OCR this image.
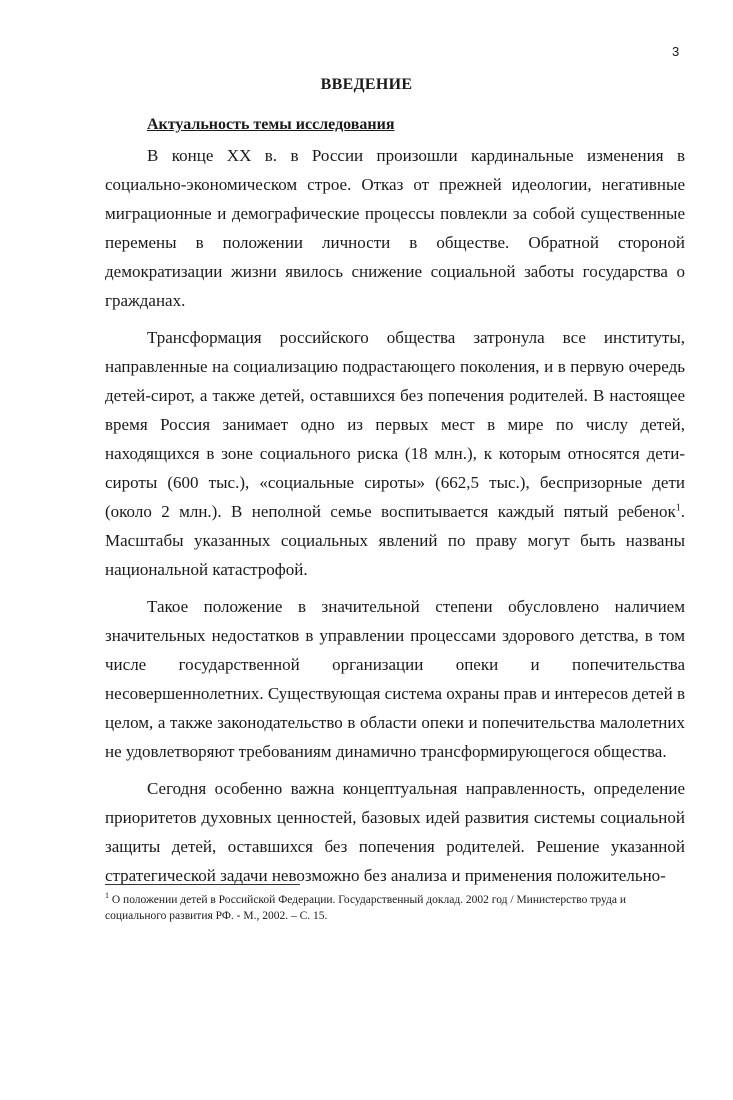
3
ВВЕДЕНИЕ
Актуальность темы исследования

В конце XX в. в России произошли кардинальные изменения в социально-экономическом строе. Отказ от прежней идеологии, негативные миграционные и демографические процессы повлекли за собой существенные перемены в положении личности в обществе. Обратной стороной демократизации жизни явилось снижение социальной заботы государства о гражданах.

Трансформация российского общества затронула все институты, направленные на социализацию подрастающего поколения, и в первую очередь детей-сирот, а также детей, оставшихся без попечения родителей. В настоящее время Россия занимает одно из первых мест в мире по числу детей, находящихся в зоне социального риска (18 млн.), к которым относятся дети-сироты (600 тыс.), «социальные сироты» (662,5 тыс.), беспризорные дети (около 2 млн.). В неполной семье воспитывается каждый пятый ребенок$^1$. Масштабы указанных социальных явлений по праву могут быть названы национальной катастрофой.

Такое положение в значительной степени обусловлено наличием значительных недостатков в управлении процессами здорового детства, в том числе государственной организации опеки и попечительства несовершеннолетних. Существующая система охраны прав и интересов детей в целом, а также законодательство в области опеки и попечительства малолетних не удовлетворяют требованиям динамично трансформирующегося общества.

Сегодня особенно важна концептуальная направленность, определение приоритетов духовных ценностей, базовых идей развития системы социальной защиты детей, оставшихся без попечения родителей. Решение указанной стратегической задачи невозможно без анализа и применения положительно-

$^1$ О положении детей в Российской Федерации. Государственный доклад. 2002 год / Министерство труда и социального развития РФ. - М., 2002. – С. 15.
